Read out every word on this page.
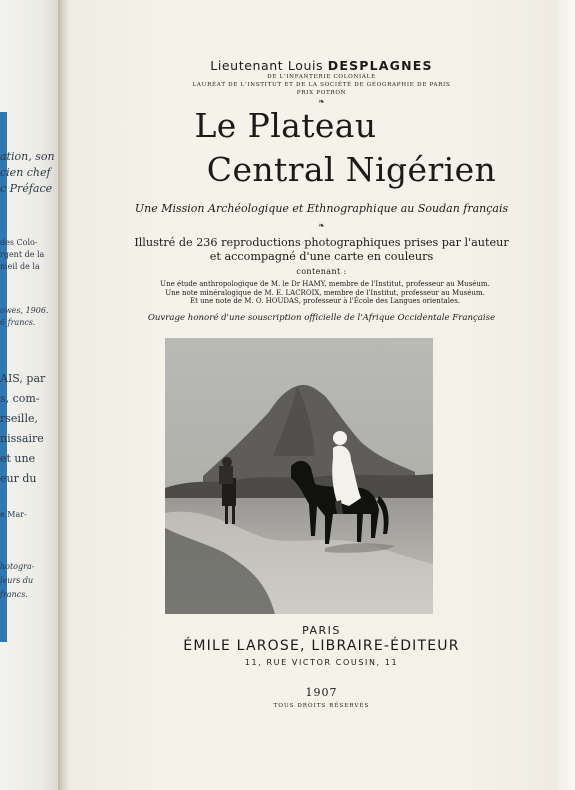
ation, son
cien chef
c Préface
des Colo-
rgent de la
meil de la
owes, 1906.
6 francs.
AIS, par
s, com-
rseille,
nissaire
et une
eur du
e Mar-
hotogra-
leurs du
francs.
Lieutenant Louis DESPLAGNES
DE L'INFANTERIE COLONIALE
LAURÉAT DE L'INSTITUT ET DE LA SOCIÉTÉ DE GÉOGRAPHIE DE PARIS
PRIX POTRON
❧
Le Plateau
Central Nigérien
Une Mission Archéologique et Ethnographique au Soudan français
❧
Illustré de 236 reproductions photographiques prises par l'auteur
et accompagné d'une carte en couleurs
contenant :
Une étude anthropologique de M. le Dr HAMY, membre de l'Institut, professeur au Muséum.
Une note minéralogique de M. E. LACROIX, membre de l'Institut, professeur au Muséum.
Et une note de M. O. HOUDAS, professeur à l'École des Langues orientales.
Ouvrage honoré d'une souscription officielle de l'Afrique Occidentale Française
PARIS
ÉMILE LAROSE, LIBRAIRE-ÉDITEUR
11, RUE VICTOR COUSIN, 11
1907
TOUS DROITS RÉSERVÉS
